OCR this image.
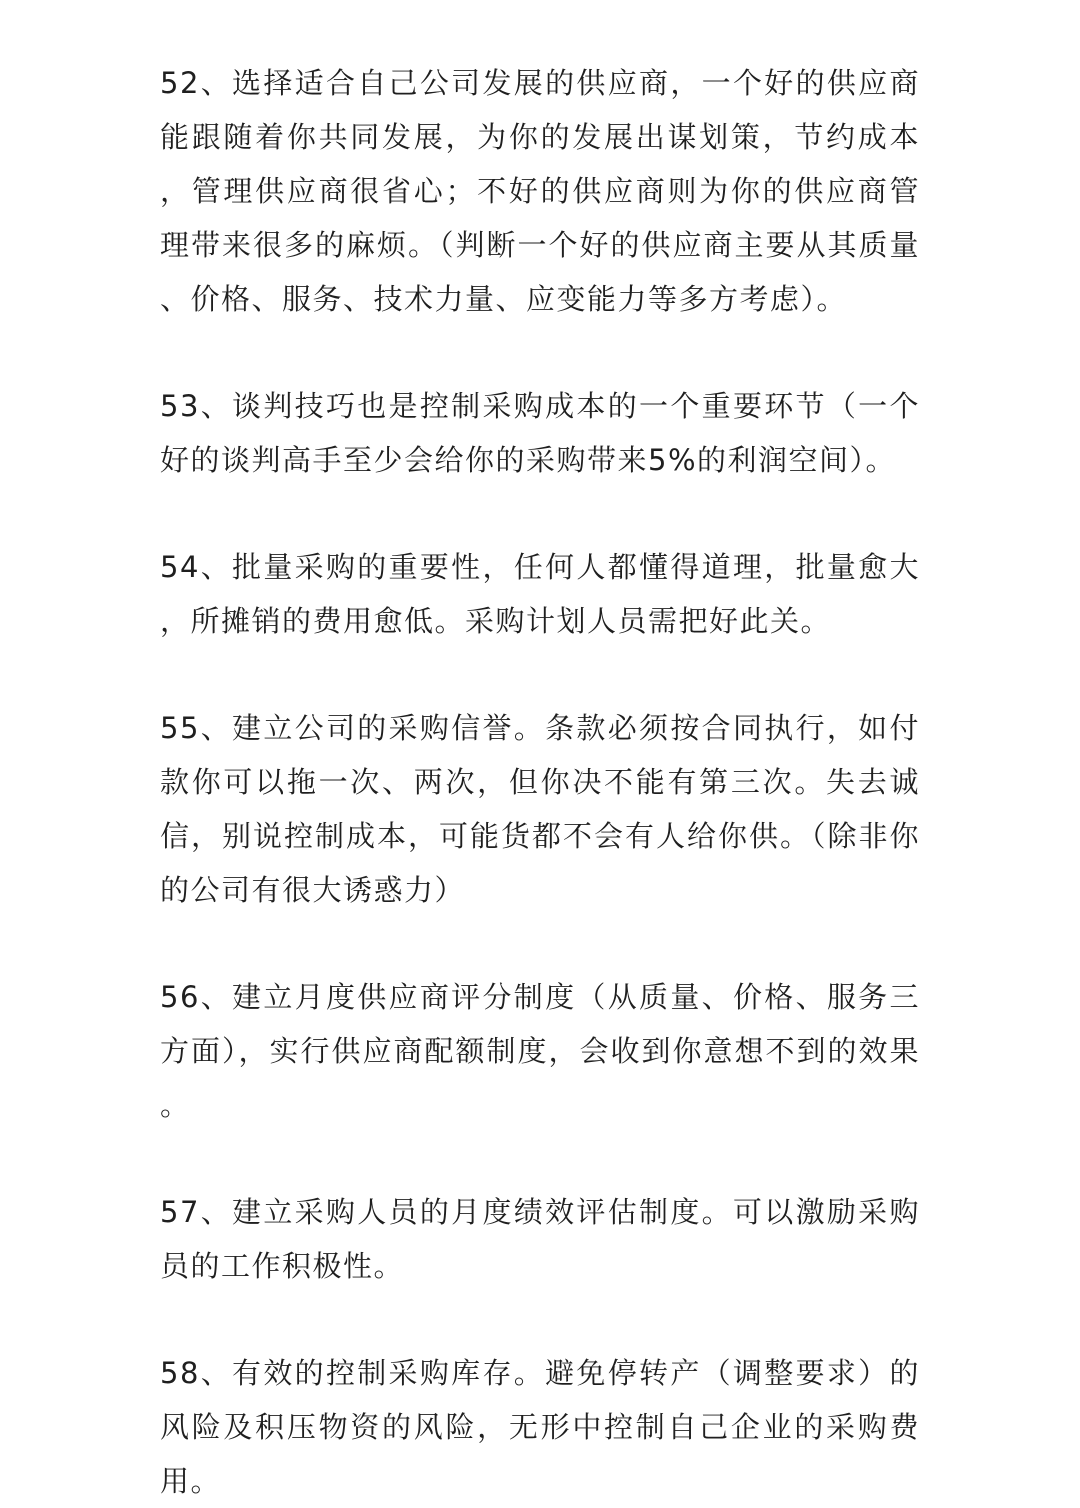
52、选择适合自己公司发展的供应商，一个好的供应商能跟随着你共同发展，为你的发展出谋划策，节约成本，管理供应商很省心；不好的供应商则为你的供应商管理带来很多的麻烦。（判断一个好的供应商主要从其质量、价格、服务、技术力量、应变能力等多方考虑）。

53、谈判技巧也是控制采购成本的一个重要环节（一个好的谈判高手至少会给你的采购带来5%的利润空间）。

54、批量采购的重要性，任何人都懂得道理，批量愈大，所摊销的费用愈低。采购计划人员需把好此关。

55、建立公司的采购信誉。条款必须按合同执行，如付款你可以拖一次、两次，但你决不能有第三次。失去诚信，别说控制成本，可能货都不会有人给你供。（除非你的公司有很大诱惑力）

56、建立月度供应商评分制度（从质量、价格、服务三方面），实行供应商配额制度，会收到你意想不到的效果。

57、建立采购人员的月度绩效评估制度。可以激励采购员的工作积极性。

58、有效的控制采购库存。避免停转产（调整要求）的风险及积压物资的风险，无形中控制自己企业的采购费用。
